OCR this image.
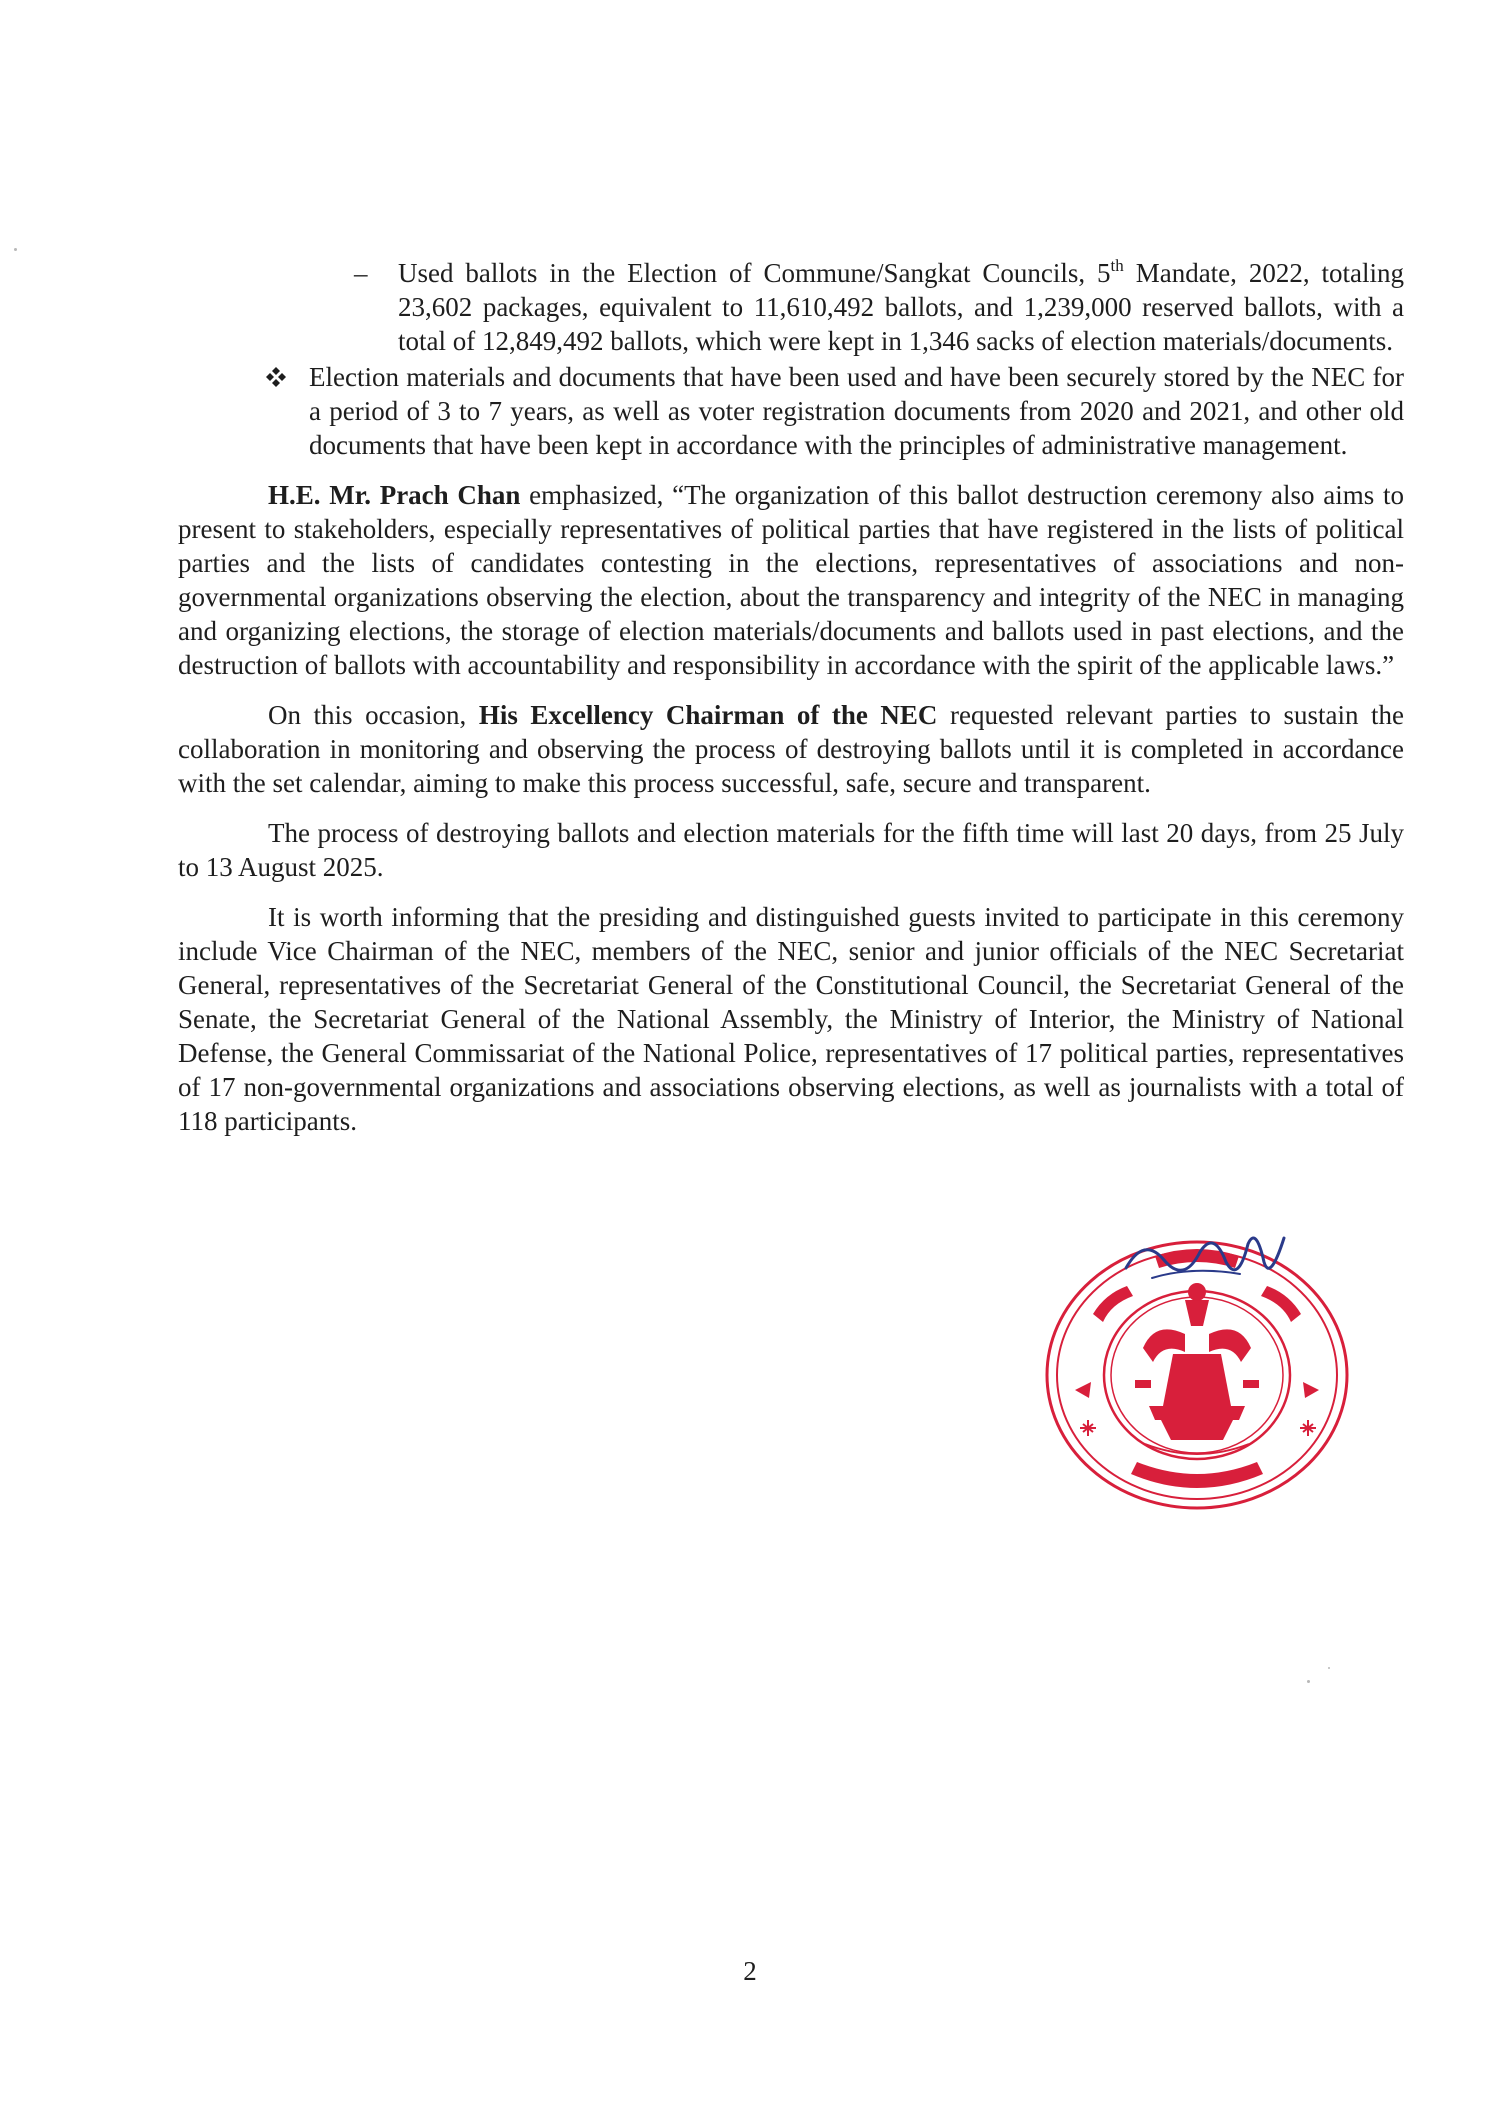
– Used ballots in the Election of Commune/Sangkat Councils, 5th Mandate, 2022, totaling 23,602 packages, equivalent to 11,610,492 ballots, and 1,239,000 reserved ballots, with a total of 12,849,492 ballots, which were kept in 1,346 sacks of election materials/documents.

Election materials and documents that have been used and have been securely stored by the NEC for a period of 3 to 7 years, as well as voter registration documents from 2020 and 2021, and other old documents that have been kept in accordance with the principles of administrative management.

H.E. Mr. Prach Chan emphasized, “The organization of this ballot destruction ceremony also aims to present to stakeholders, especially representatives of political parties that have registered in the lists of political parties and the lists of candidates contesting in the elections, representatives of associations and non-governmental organizations observing the election, about the transparency and integrity of the NEC in managing and organizing elections, the storage of election materials/documents and ballots used in past elections, and the destruction of ballots with accountability and responsibility in accordance with the spirit of the applicable laws.”

On this occasion, His Excellency Chairman of the NEC requested relevant parties to sustain the collaboration in monitoring and observing the process of destroying ballots until it is completed in accordance with the set calendar, aiming to make this process successful, safe, secure and transparent.

The process of destroying ballots and election materials for the fifth time will last 20 days, from 25 July to 13 August 2025.

It is worth informing that the presiding and distinguished guests invited to participate in this ceremony include Vice Chairman of the NEC, members of the NEC, senior and junior officials of the NEC Secretariat General, representatives of the Secretariat General of the Constitutional Council, the Secretariat General of the Senate, the Secretariat General of the National Assembly, the Ministry of Interior, the Ministry of National Defense, the General Commissariat of the National Police, representatives of 17 political parties, representatives of 17 non-governmental organizations and associations observing elections, as well as journalists with a total of 118 participants.

2
